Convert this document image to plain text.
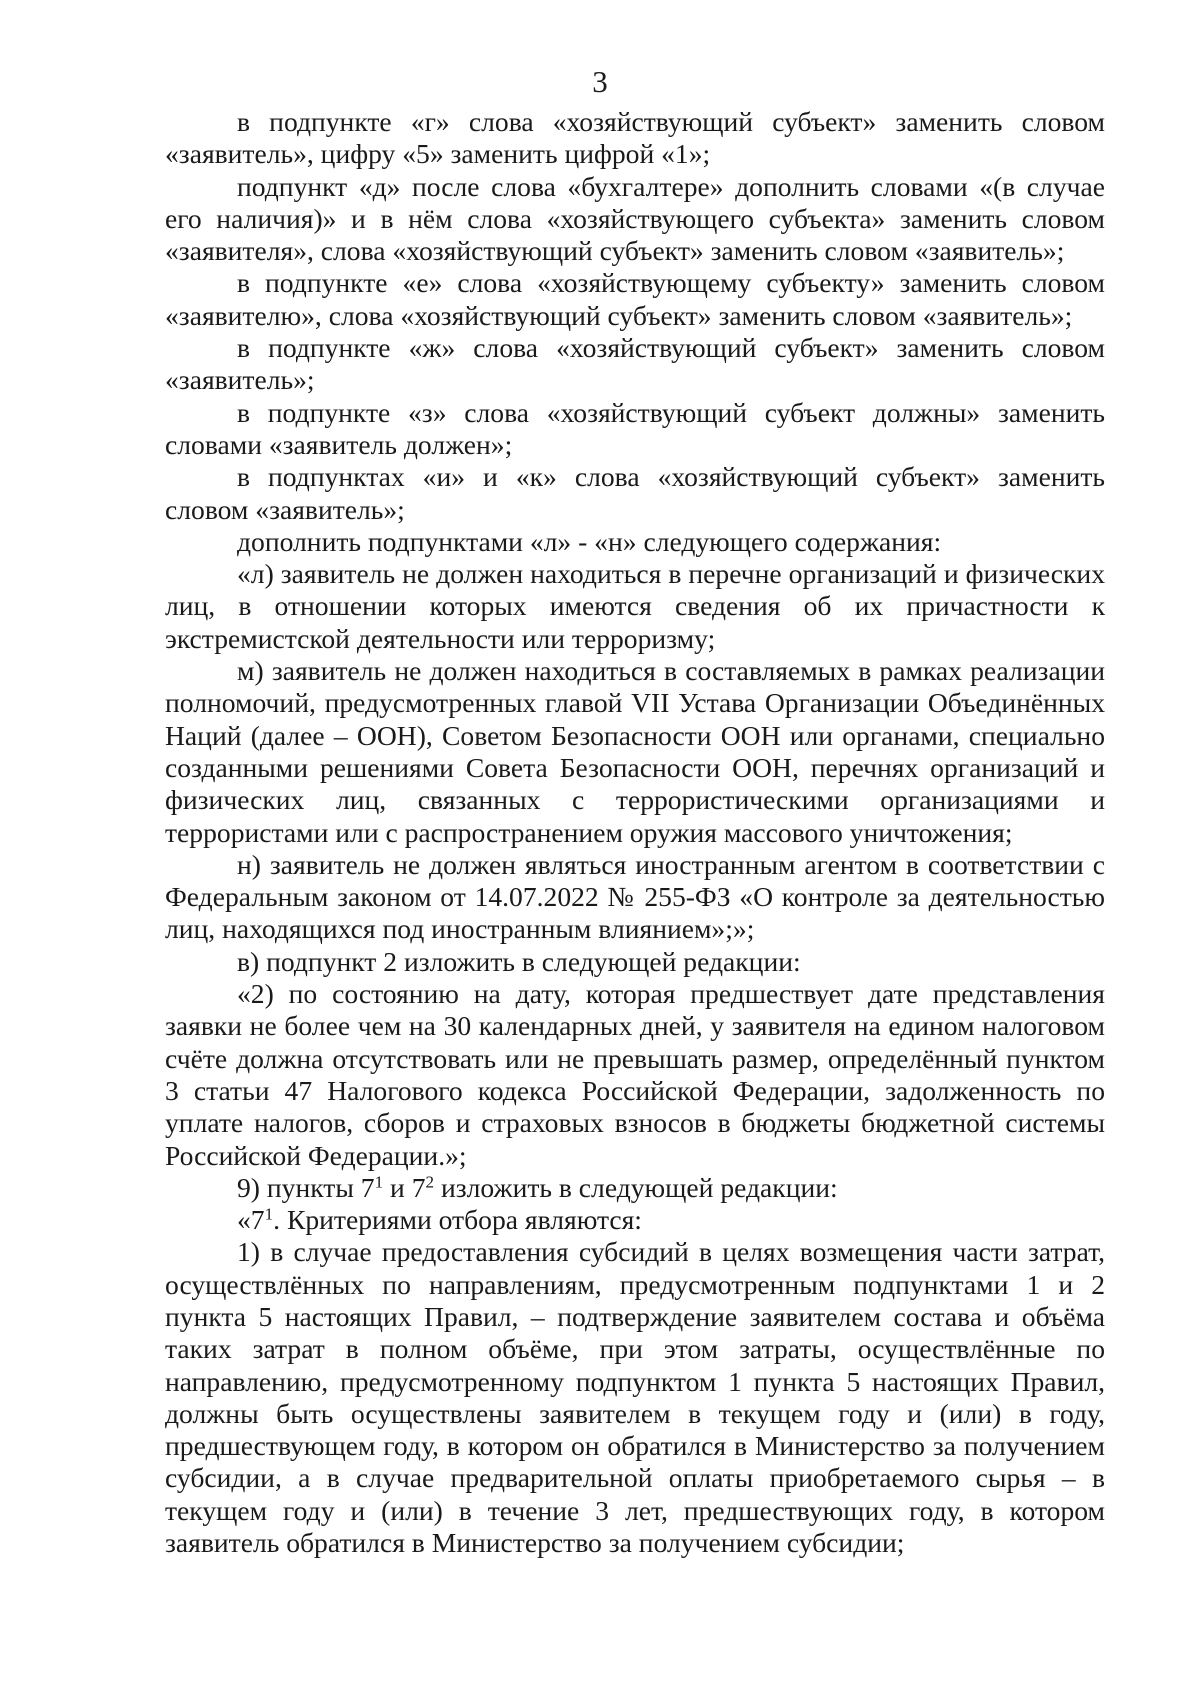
3

в подпункте «г» слова «хозяйствующий субъект» заменить словом «заявитель», цифру «5» заменить цифрой «1»;

подпункт «д» после слова «бухгалтере» дополнить словами «(в случае его наличия)» и в нём слова «хозяйствующего субъекта» заменить словом «заявителя», слова «хозяйствующий субъект» заменить словом «заявитель»;

в подпункте «е» слова «хозяйствующему субъекту» заменить словом «заявителю», слова «хозяйствующий субъект» заменить словом «заявитель»;

в подпункте «ж» слова «хозяйствующий субъект» заменить словом «заявитель»;

в подпункте «з» слова «хозяйствующий субъект должны» заменить словами «заявитель должен»;

в подпунктах «и» и «к» слова «хозяйствующий субъект» заменить словом «заявитель»;

дополнить подпунктами «л» - «н» следующего содержания:

«л) заявитель не должен находиться в перечне организаций и физических лиц, в отношении которых имеются сведения об их причастности к экстремистской деятельности или терроризму;

м) заявитель не должен находиться в составляемых в рамках реализации полномочий, предусмотренных главой VII Устава Организации Объединённых Наций (далее – ООН), Советом Безопасности ООН или органами, специально созданными решениями Совета Безопасности ООН, перечнях организаций и физических лиц, связанных с террористическими организациями и террористами или с распространением оружия массового уничтожения;

н) заявитель не должен являться иностранным агентом в соответствии с Федеральным законом от 14.07.2022 № 255-ФЗ «О контроле за деятельностью лиц, находящихся под иностранным влиянием»;»;

в) подпункт 2 изложить в следующей редакции:

«2) по состоянию на дату, которая предшествует дате представления заявки не более чем на 30 календарных дней, у заявителя на едином налоговом счёте должна отсутствовать или не превышать размер, определённый пунктом 3 статьи 47 Налогового кодекса Российской Федерации, задолженность по уплате налогов, сборов и страховых взносов в бюджеты бюджетной системы Российской Федерации.»;

9) пункты $7^1$ и $7^2$ изложить в следующей редакции:

«$7^1$. Критериями отбора являются:

1) в случае предоставления субсидий в целях возмещения части затрат, осуществлённых по направлениям, предусмотренным подпунктами 1 и 2 пункта 5 настоящих Правил, – подтверждение заявителем состава и объёма таких затрат в полном объёме, при этом затраты, осуществлённые по направлению, предусмотренному подпунктом 1 пункта 5 настоящих Правил, должны быть осуществлены заявителем в текущем году и (или) в году, предшествующем году, в котором он обратился в Министерство за получением субсидии, а в случае предварительной оплаты приобретаемого сырья – в текущем году и (или) в течение 3 лет, предшествующих году, в котором заявитель обратился в Министерство за получением субсидии;
